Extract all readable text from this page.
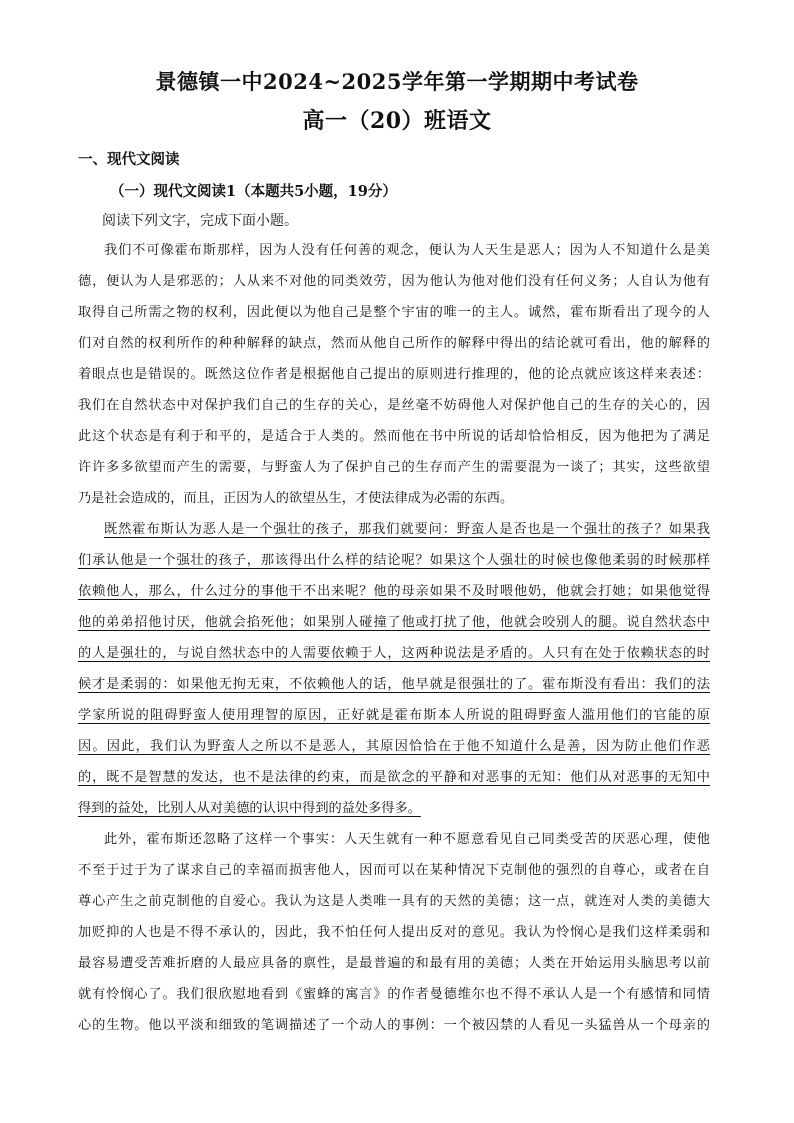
景德镇一中2024~2025学年第一学期期中考试卷
高一（20）班语文
一、现代文阅读
（一）现代文阅读1（本题共5小题，19分）
阅读下列文字，完成下面小题。
我们不可像霍布斯那样，因为人没有任何善的观念，便认为人天生是恶人；因为人不知道什么是美
德，便认为人是邪恶的；人从来不对他的同类效劳，因为他认为他对他们没有任何义务；人自认为他有
取得自己所需之物的权利，因此便以为他自己是整个宇宙的唯一的主人。诚然，霍布斯看出了现今的人
们对自然的权利所作的种种解释的缺点，然而从他自己所作的解释中得出的结论就可看出，他的解释的
着眼点也是错误的。既然这位作者是根据他自己提出的原则进行推理的，他的论点就应该这样来表述：
我们在自然状态中对保护我们自己的生存的关心，是丝毫不妨碍他人对保护他自己的生存的关心的，因
此这个状态是有利于和平的，是适合于人类的。然而他在书中所说的话却恰恰相反，因为他把为了满足
许许多多欲望而产生的需要，与野蛮人为了保护自己的生存而产生的需要混为一谈了；其实，这些欲望
乃是社会造成的，而且，正因为人的欲望丛生，才使法律成为必需的东西。
既然霍布斯认为恶人是一个强壮的孩子，那我们就要问：野蛮人是否也是一个强壮的孩子？如果我
们承认他是一个强壮的孩子，那该得出什么样的结论呢？如果这个人强壮的时候也像他柔弱的时候那样
依赖他人，那么，什么过分的事他干不出来呢？他的母亲如果不及时喂他奶，他就会打她；如果他觉得
他的弟弟招他讨厌，他就会掐死他；如果别人碰撞了他或打扰了他，他就会咬别人的腿。说自然状态中
的人是强壮的，与说自然状态中的人需要依赖于人，这两种说法是矛盾的。人只有在处于依赖状态的时
候才是柔弱的：如果他无拘无束，不依赖他人的话，他早就是很强壮的了。霍布斯没有看出：我们的法
学家所说的阻碍野蛮人使用理智的原因，正好就是霍布斯本人所说的阻碍野蛮人滥用他们的官能的原
因。因此，我们认为野蛮人之所以不是恶人，其原因恰恰在于他不知道什么是善，因为防止他们作恶
的，既不是智慧的发达，也不是法律的约束，而是欲念的平静和对恶事的无知：他们从对恶事的无知中
得到的益处，比别人从对美德的认识中得到的益处多得多。
此外，霍布斯还忽略了这样一个事实：人天生就有一种不愿意看见自己同类受苦的厌恶心理，使他
不至于过于为了谋求自己的幸福而损害他人，因而可以在某种情况下克制他的强烈的自尊心，或者在自
尊心产生之前克制他的自爱心。我认为这是人类唯一具有的天然的美德；这一点，就连对人类的美德大
加贬抑的人也是不得不承认的，因此，我不怕任何人提出反对的意见。我认为怜悯心是我们这样柔弱和
最容易遭受苦难折磨的人最应具备的禀性，是最普遍的和最有用的美德；人类在开始运用头脑思考以前
就有怜悯心了。我们很欣慰地看到《蜜蜂的寓言》的作者曼德维尔也不得不承认人是一个有感情和同情
心的生物。他以平淡和细致的笔调描述了一个动人的事例：一个被囚禁的人看见一头猛兽从一个母亲的
